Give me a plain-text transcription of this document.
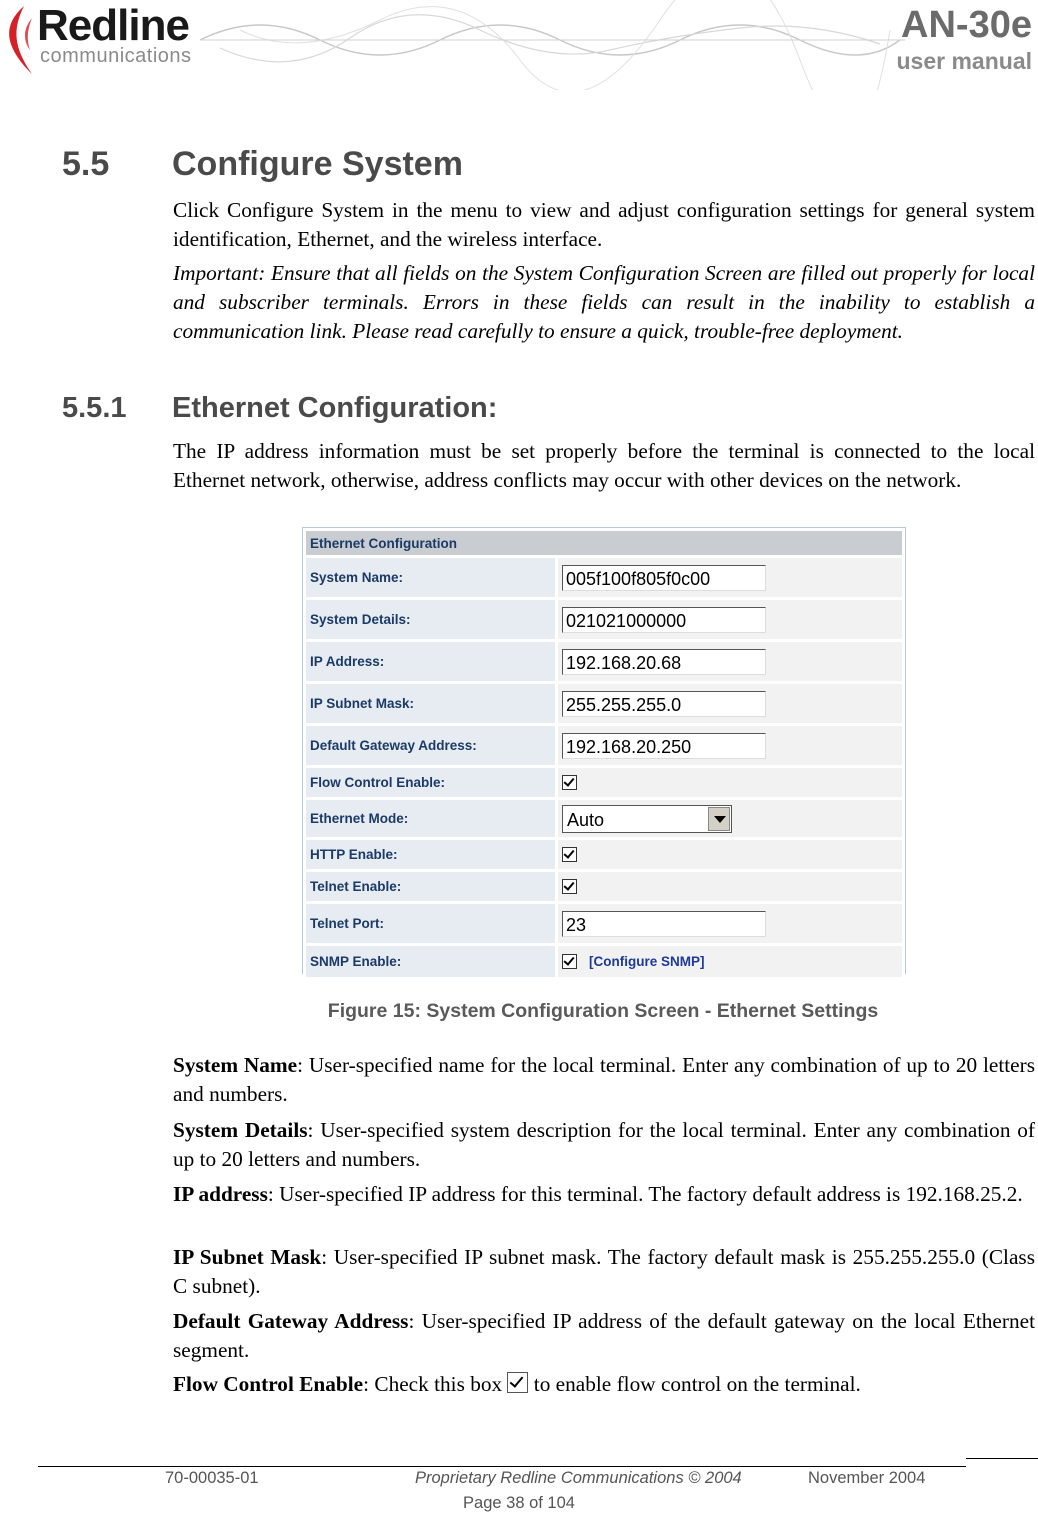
Redline
communications
AN-30e
user manual
5.5 Configure System
Click Configure System in the menu to view and adjust configuration settings for general system identification, Ethernet, and the wireless interface.
Important: Ensure that all fields on the System Configuration Screen are filled out properly for local and subscriber terminals. Errors in these fields can result in the inability to establish a communication link. Please read carefully to ensure a quick, trouble-free deployment.
5.5.1 Ethernet Configuration:
The IP address information must be set properly before the terminal is connected to the local Ethernet network, otherwise, address conflicts may occur with other devices on the network.
Ethernet Configuration	
System Name:	005f100f805f0c00
System Details:	021021000000
IP Address:	192.168.20.68
IP Subnet Mask:	255.255.255.0
Default Gateway Address:	192.168.20.250
Flow Control Enable:	
Ethernet Mode:	Auto

HTTP Enable:	
Telnet Enable:	
Telnet Port:	23
SNMP Enable:	[Configure SNMP]
Figure 15: System Configuration Screen - Ethernet Settings
System Name: User-specified name for the local terminal. Enter any combination of up to 20 letters and numbers.
System Details: User-specified system description for the local terminal. Enter any combination of up to 20 letters and numbers.
IP address: User-specified IP address for this terminal. The factory default address is 192.168.25.2.
IP Subnet Mask: User-specified IP subnet mask. The factory default mask is 255.255.255.0 (Class C subnet).
Default Gateway Address: User-specified IP address of the default gateway on the local Ethernet segment.
Flow Control Enable: Check this box to enable flow control on the terminal.
70-00035-01	Proprietary Redline Communications © 2004	November 2004
Page 38 of 104
